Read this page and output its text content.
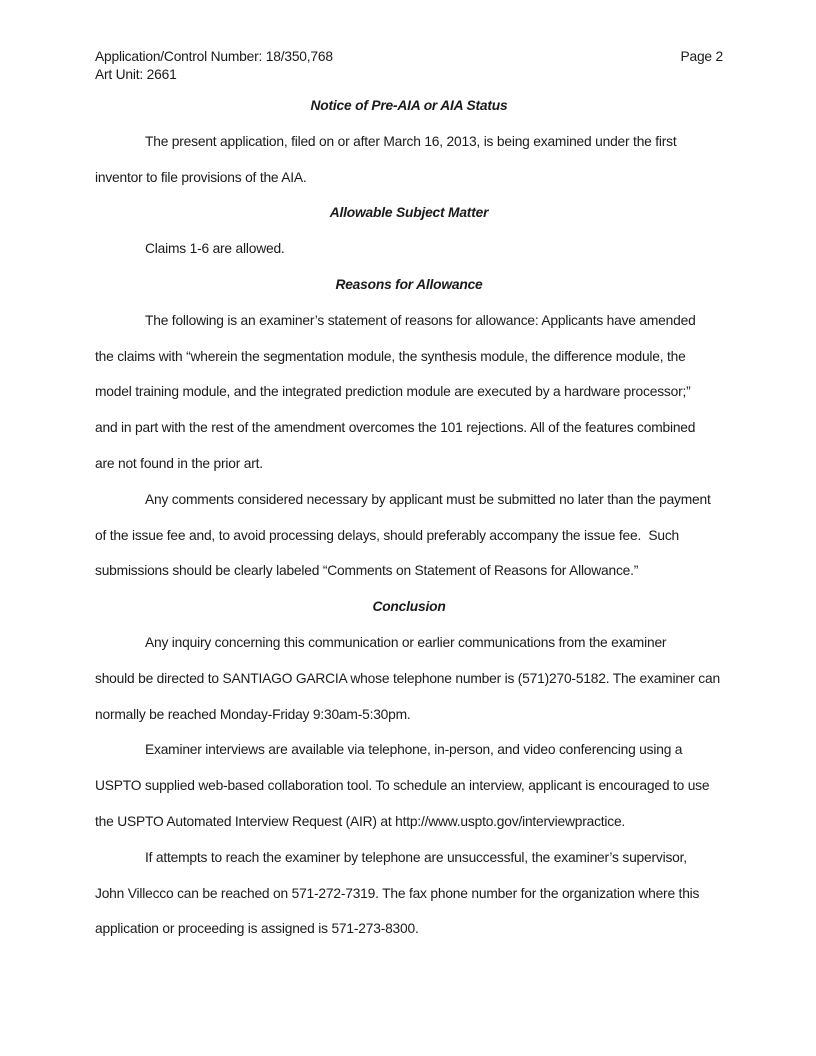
Application/Control Number: 18/350,768	Page 2
Art Unit: 2661
Notice of Pre-AIA or AIA Status
The present application, filed on or after March 16, 2013, is being examined under the first
inventor to file provisions of the AIA.
Allowable Subject Matter
Claims 1-6 are allowed.
Reasons for Allowance
The following is an examiner’s statement of reasons for allowance: Applicants have amended
the claims with “wherein the segmentation module, the synthesis module, the difference module, the
model training module, and the integrated prediction module are executed by a hardware processor;”
and in part with the rest of the amendment overcomes the 101 rejections. All of the features combined
are not found in the prior art.
Any comments considered necessary by applicant must be submitted no later than the payment
of the issue fee and, to avoid processing delays, should preferably accompany the issue fee.  Such
submissions should be clearly labeled “Comments on Statement of Reasons for Allowance.”
Conclusion
Any inquiry concerning this communication or earlier communications from the examiner
should be directed to SANTIAGO GARCIA whose telephone number is (571)270-5182. The examiner can
normally be reached Monday-Friday 9:30am-5:30pm.
Examiner interviews are available via telephone, in-person, and video conferencing using a
USPTO supplied web-based collaboration tool. To schedule an interview, applicant is encouraged to use
the USPTO Automated Interview Request (AIR) at http://www.uspto.gov/interviewpractice.
If attempts to reach the examiner by telephone are unsuccessful, the examiner’s supervisor,
John Villecco can be reached on 571-272-7319. The fax phone number for the organization where this
application or proceeding is assigned is 571-273-8300.
